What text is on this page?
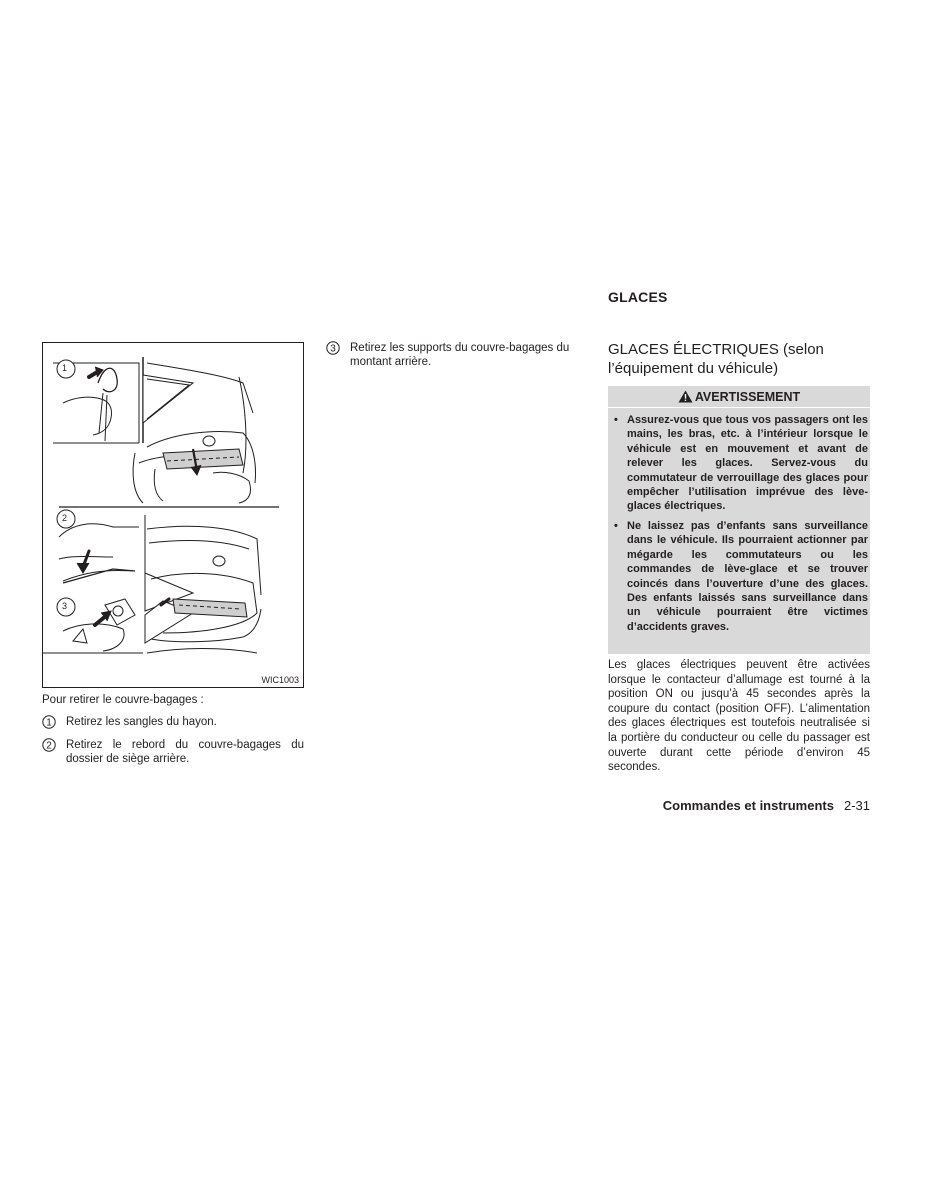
1
2
3
WIC1003
Pour retirer le couvre-bagages :
1 Retirez les sangles du hayon.
2 Retirez le rebord du couvre-bagages du dossier de siège arrière.
3 Retirez les supports du couvre-bagages du montant arrière.
GLACES
GLACES ÉLECTRIQUES (selon l’équipement du véhicule)
AVERTISSEMENT
• Assurez-vous que tous vos passagers ont les mains, les bras, etc. à l’intérieur lorsque le véhicule est en mouvement et avant de relever les glaces. Servez-vous du commutateur de verrouillage des glaces pour empêcher l’utilisation imprévue des lève-glaces électriques.
• Ne laissez pas d’enfants sans surveillance dans le véhicule. Ils pourraient actionner par mégarde les commutateurs ou les commandes de lève-glace et se trouver coincés dans l’ouverture d’une des glaces. Des enfants laissés sans surveillance dans un véhicule pourraient être victimes d’accidents graves.
Les glaces électriques peuvent être activées lorsque le contacteur d’allumage est tourné à la position ON ou jusqu’à 45 secondes après la coupure du contact (position OFF). L’alimentation des glaces électriques est toutefois neutralisée si la portière du conducteur ou celle du passager est ouverte durant cette période d’environ 45 secondes.
Commandes et instruments 2-31
